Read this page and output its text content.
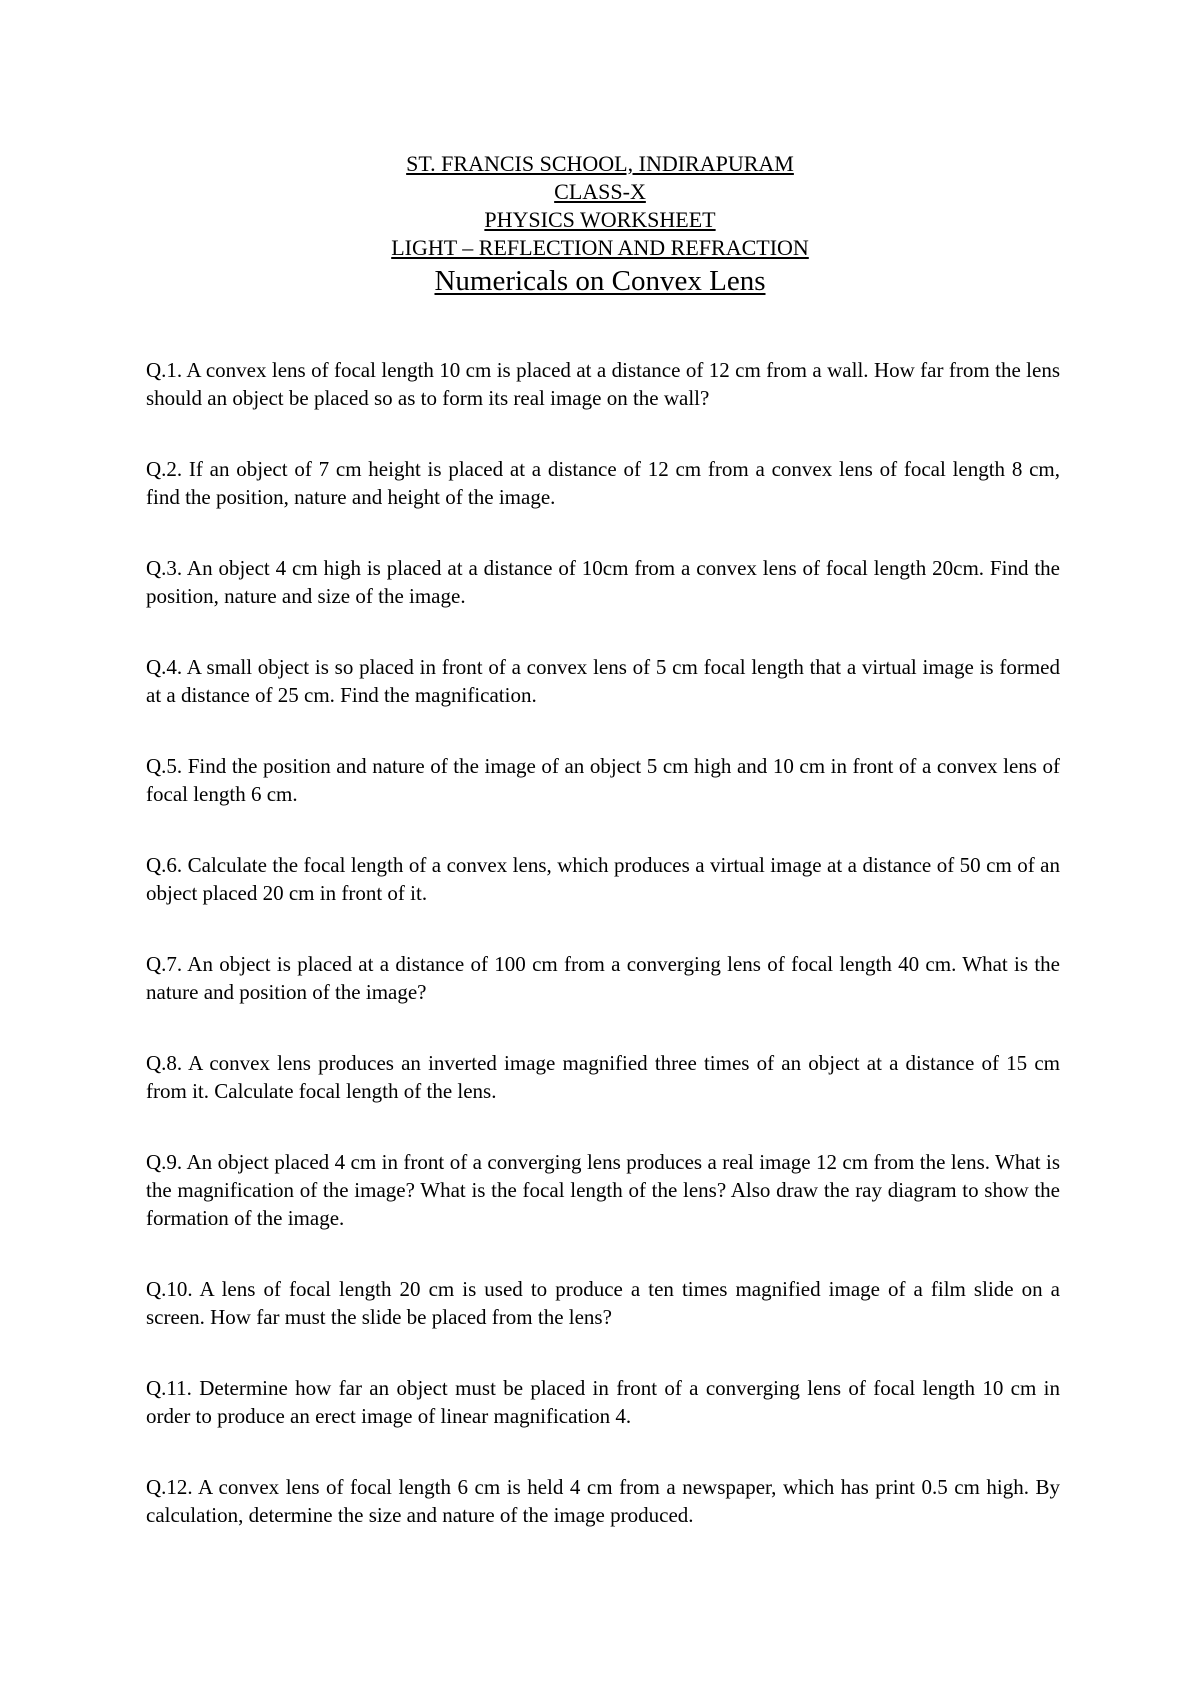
ST. FRANCIS SCHOOL, INDIRAPURAM
CLASS-X
PHYSICS WORKSHEET
LIGHT – REFLECTION AND REFRACTION
Numericals on Convex Lens

Q.1. A convex lens of focal length 10 cm is placed at a distance of 12 cm from a wall. How far from the lens should an object be placed so as to form its real image on the wall?

Q.2. If an object of 7 cm height is placed at a distance of 12 cm from a convex lens of focal length 8 cm, find the position, nature and height of the image.

Q.3. An object 4 cm high is placed at a distance of 10cm from a convex lens of focal length 20cm. Find the position, nature and size of the image.

Q.4. A small object is so placed in front of a convex lens of 5 cm focal length that a virtual image is formed at a distance of 25 cm. Find the magnification.

Q.5. Find the position and nature of the image of an object 5 cm high and 10 cm in front of a convex lens of focal length 6 cm.

Q.6. Calculate the focal length of a convex lens, which produces a virtual image at a distance of 50 cm of an object placed 20 cm in front of it.

Q.7. An object is placed at a distance of 100 cm from a converging lens of focal length 40 cm. What is the nature and position of the image?

Q.8. A convex lens produces an inverted image magnified three times of an object at a distance of 15 cm from it. Calculate focal length of the lens.

Q.9. An object placed 4 cm in front of a converging lens produces a real image 12 cm from the lens. What is the magnification of the image? What is the focal length of the lens? Also draw the ray diagram to show the formation of the image.

Q.10. A lens of focal length 20 cm is used to produce a ten times magnified image of a film slide on a screen. How far must the slide be placed from the lens?

Q.11. Determine how far an object must be placed in front of a converging lens of focal length 10 cm in order to produce an erect image of linear magnification 4.

Q.12. A convex lens of focal length 6 cm is held 4 cm from a newspaper, which has print 0.5 cm high. By calculation, determine the size and nature of the image produced.
